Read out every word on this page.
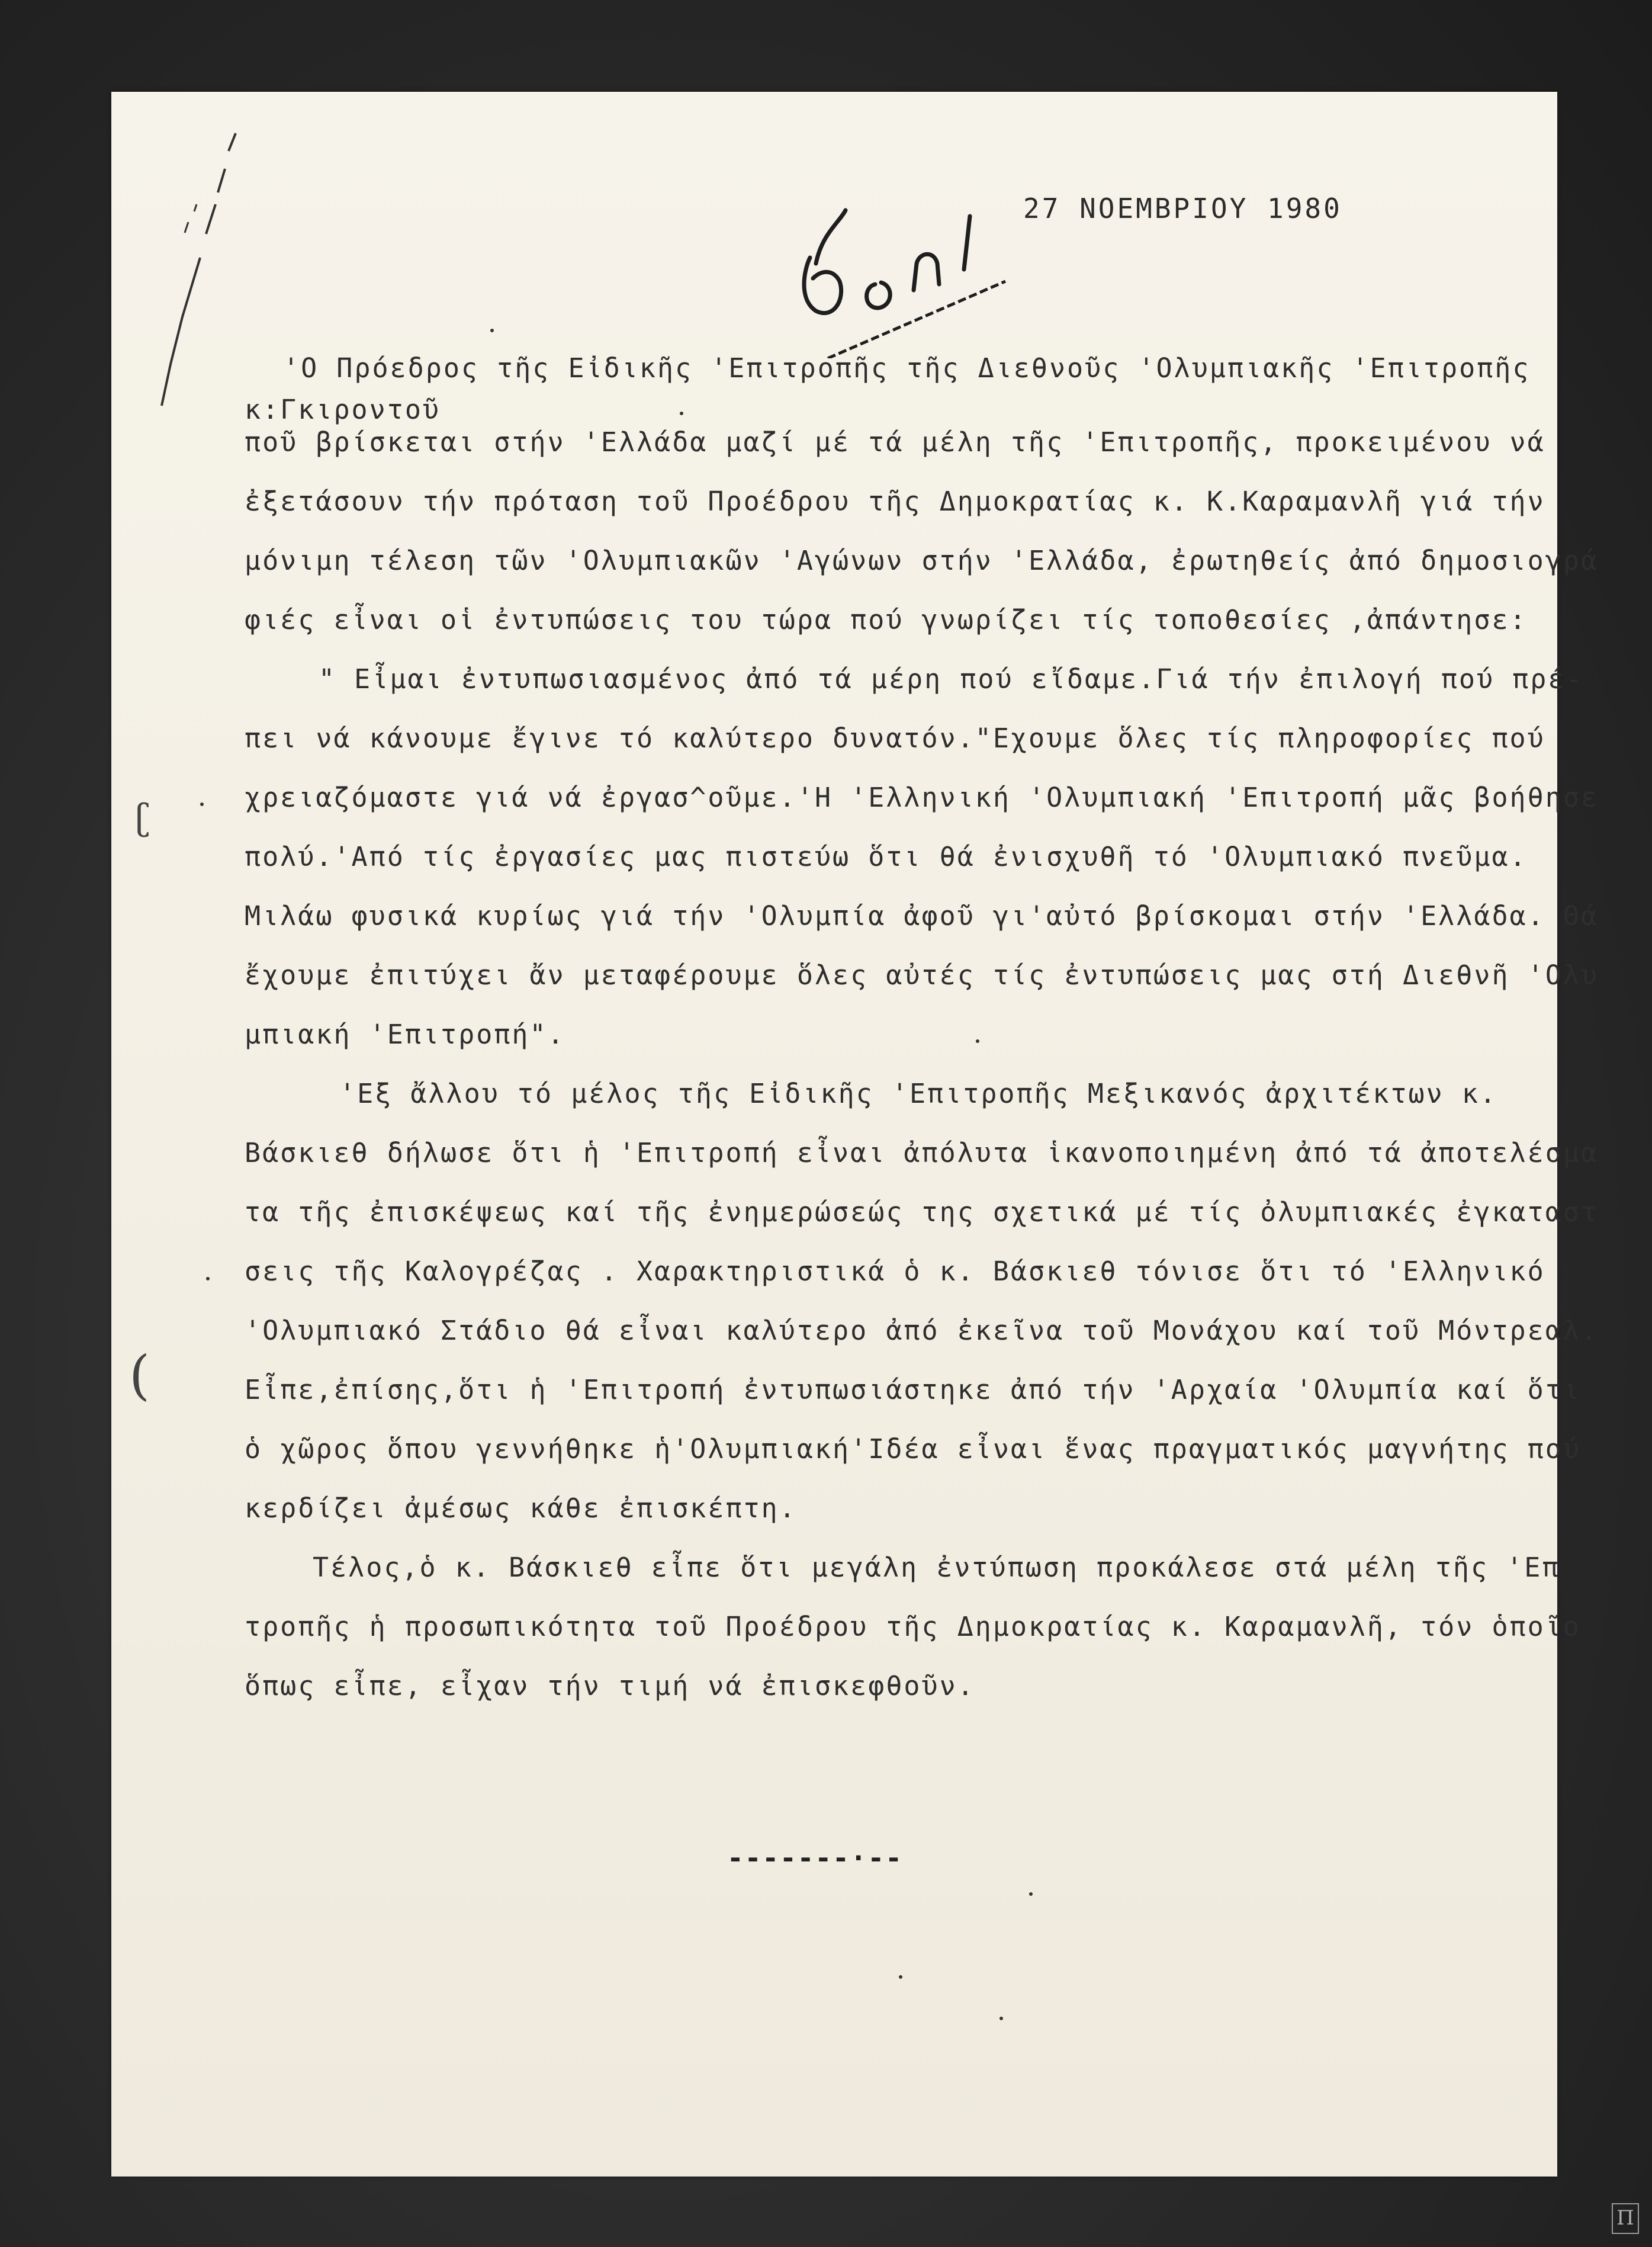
27 ΝΟΕΜΒΡΙΟΥ 1980
'Ο Πρόεδρος τῆς Εἰδικῆς 'Επιτροπῆς τῆς Διεθνοῦς 'Ολυμπιακῆς 'Επιτροπῆς
κ:Γκιροντοῦ
ποῦ βρίσκεται στήν 'Ελλάδα μαζί μέ τά μέλη τῆς 'Επιτροπῆς, προκειμένου νά
ἐξετάσουν τήν πρόταση τοῦ Προέδρου τῆς Δημοκρατίας κ. Κ.Καραμανλῆ γιά τήν
μόνιμη τέλεση τῶν 'Ολυμπιακῶν 'Αγώνων στήν 'Ελλάδα, ἐρωτηθείς ἀπό δημοσιογρά
φιές εἶναι οἱ ἐντυπώσεις του τώρα πού γνωρίζει τίς τοποθεσίες ,ἀπάντησε:
" Εἶμαι ἐντυπωσιασμένος ἀπό τά μέρη πού εἴδαμε.Γιά τήν ἐπιλογή πού πρέ-
πει νά κάνουμε ἔγινε τό καλύτερο δυνατόν."Εχουμε ὅλες τίς πληροφορίες πού
χρειαζόμαστε γιά νά ἐργασ^οῦμε.'Η 'Ελληνική 'Ολυμπιακή 'Επιτροπή μᾶς βοήθησε
πολύ.'Από τίς ἐργασίες μας πιστεύω ὅτι θά ἐνισχυθῆ τό 'Ολυμπιακό πνεῦμα.
Μιλάω φυσικά κυρίως γιά τήν 'Ολυμπία ἀφοῦ γι'αὐτό βρίσκομαι στήν 'Ελλάδα. Θά
ἔχουμε ἐπιτύχει ἄν μεταφέρουμε ὅλες αὐτές τίς ἐντυπώσεις μας στή Διεθνῆ 'Ολυ
μπιακή 'Επιτροπή".
'Εξ ἄλλου τό μέλος τῆς Εἰδικῆς 'Επιτροπῆς Μεξικανός ἀρχιτέκτων κ.
Βάσκιεθ δήλωσε ὅτι ἡ 'Επιτροπή εἶναι ἀπόλυτα ἱκανοποιημένη ἀπό τά ἀποτελέσμα
τα τῆς ἐπισκέψεως καί τῆς ἐνημερώσεώς της σχετικά μέ τίς ὀλυμπιακές ἐγκαταστ
σεις τῆς Καλογρέζας . Χαρακτηριστικά ὁ κ. Βάσκιεθ τόνισε ὅτι τό 'Ελληνικό
'Ολυμπιακό Στάδιο θά εἶναι καλύτερο ἀπό ἐκεῖνα τοῦ Μονάχου καί τοῦ Μόντρεαλ.
Εἶπε,ἐπίσης,ὅτι ἡ 'Επιτροπή ἐντυπωσιάστηκε ἀπό τήν 'Αρχαία 'Ολυμπία καί ὅτι
ὁ χῶρος ὅπου γεννήθηκε ἡ'Ολυμπιακή'Ιδέα εἶναι ἕνας πραγματικός μαγνήτης πού
κερδίζει ἀμέσως κάθε ἐπισκέπτη.
Τέλος,ὁ κ. Βάσκιεθ εἶπε ὅτι μεγάλη ἐντύπωση προκάλεσε στά μέλη τῆς 'Επ
τροπῆς ἡ προσωπικότητα τοῦ Προέδρου τῆς Δημοκρατίας κ. Καραμανλῆ, τόν ὁποῖο
ὅπως εἶπε, εἶχαν τήν τιμή νά ἐπισκεφθοῦν.
-------·--
ʗ
(
Π
